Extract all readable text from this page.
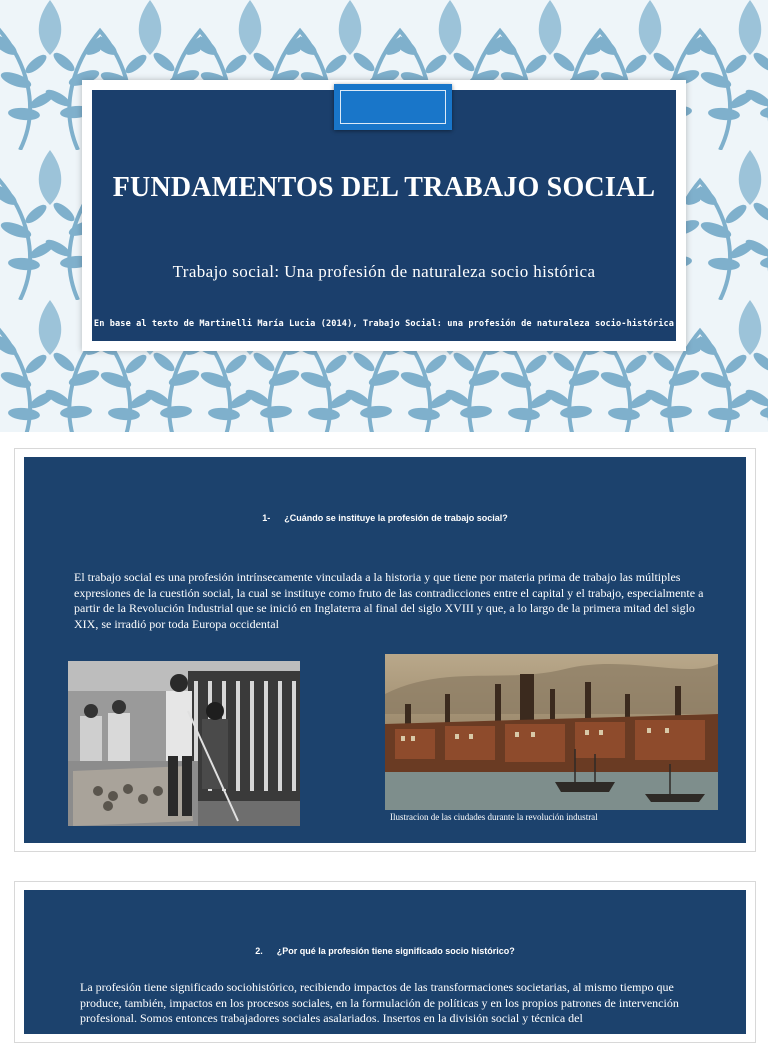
FUNDAMENTOS DEL TRABAJO SOCIAL
Trabajo social: Una profesión de naturaleza socio histórica
En base al texto de Martinelli María Lucia (2014), Trabajo Social: una profesión de naturaleza socio-histórica
1- ¿Cuándo se instituye la profesión de trabajo social?
El trabajo social es una profesión intrínsecamente vinculada a la historia y que tiene por materia prima de trabajo las múltiples expresiones de la cuestión social, la cual se instituye como fruto de las contradicciones entre el capital y el trabajo, especialmente a partir de la Revolución Industrial que se inició en Inglaterra al final del siglo XVIII y que, a lo largo de la primera mitad del siglo XIX, se irradió por toda Europa occidental
Ilustracion de las ciudades durante la revolución industral
2. ¿Por qué la profesión tiene significado socio histórico?
La profesión tiene significado sociohistórico, recibiendo impactos de las transformaciones societarias, al mismo tiempo que produce, también, impactos en los procesos sociales, en la formulación de políticas y en los propios patrones de intervención profesional. Somos entonces trabajadores sociales asalariados. Insertos en la división social y técnica del
